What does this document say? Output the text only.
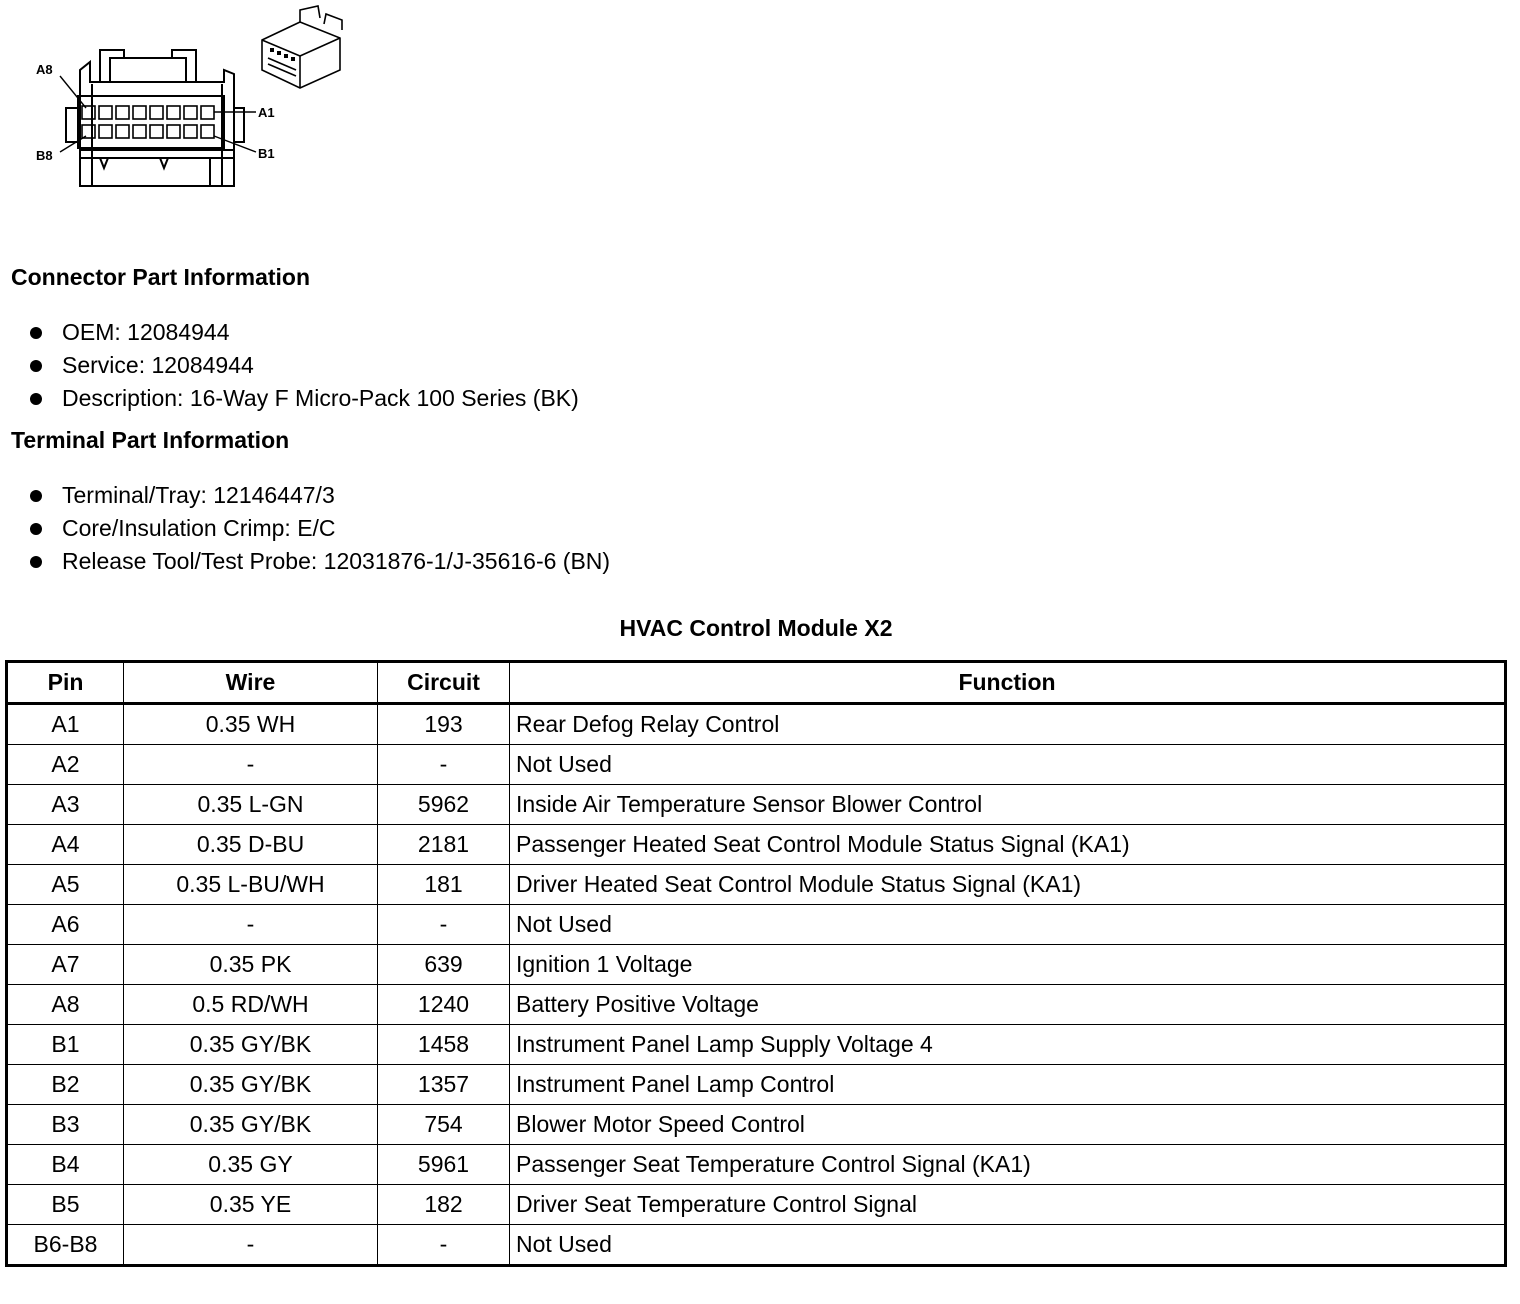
A8
A1
B8	B1
Connector Part Information
OEM: 12084944
Service: 12084944
Description: 16-Way F Micro-Pack 100 Series (BK)
Terminal Part Information
Terminal/Tray: 12146447/3
Core/Insulation Crimp: E/C
Release Tool/Test Probe: 12031876-1/J-35616-6 (BN)
HVAC Control Module X2
Pin	Wire	Circuit	Function
A1	0.35 WH	193	Rear Defog Relay Control
A2	-	-	Not Used
A3	0.35 L-GN	5962	Inside Air Temperature Sensor Blower Control
A4	0.35 D-BU	2181	Passenger Heated Seat Control Module Status Signal (KA1)
A5	0.35 L-BU/WH	181	Driver Heated Seat Control Module Status Signal (KA1)
A6	-	-	Not Used
A7	0.35 PK	639	Ignition 1 Voltage
A8	0.5 RD/WH	1240	Battery Positive Voltage
B1	0.35 GY/BK	1458	Instrument Panel Lamp Supply Voltage 4
B2	0.35 GY/BK	1357	Instrument Panel Lamp Control
B3	0.35 GY/BK	754	Blower Motor Speed Control
B4	0.35 GY	5961	Passenger Seat Temperature Control Signal (KA1)
B5	0.35 YE	182	Driver Seat Temperature Control Signal
B6-B8	-	-	Not Used
